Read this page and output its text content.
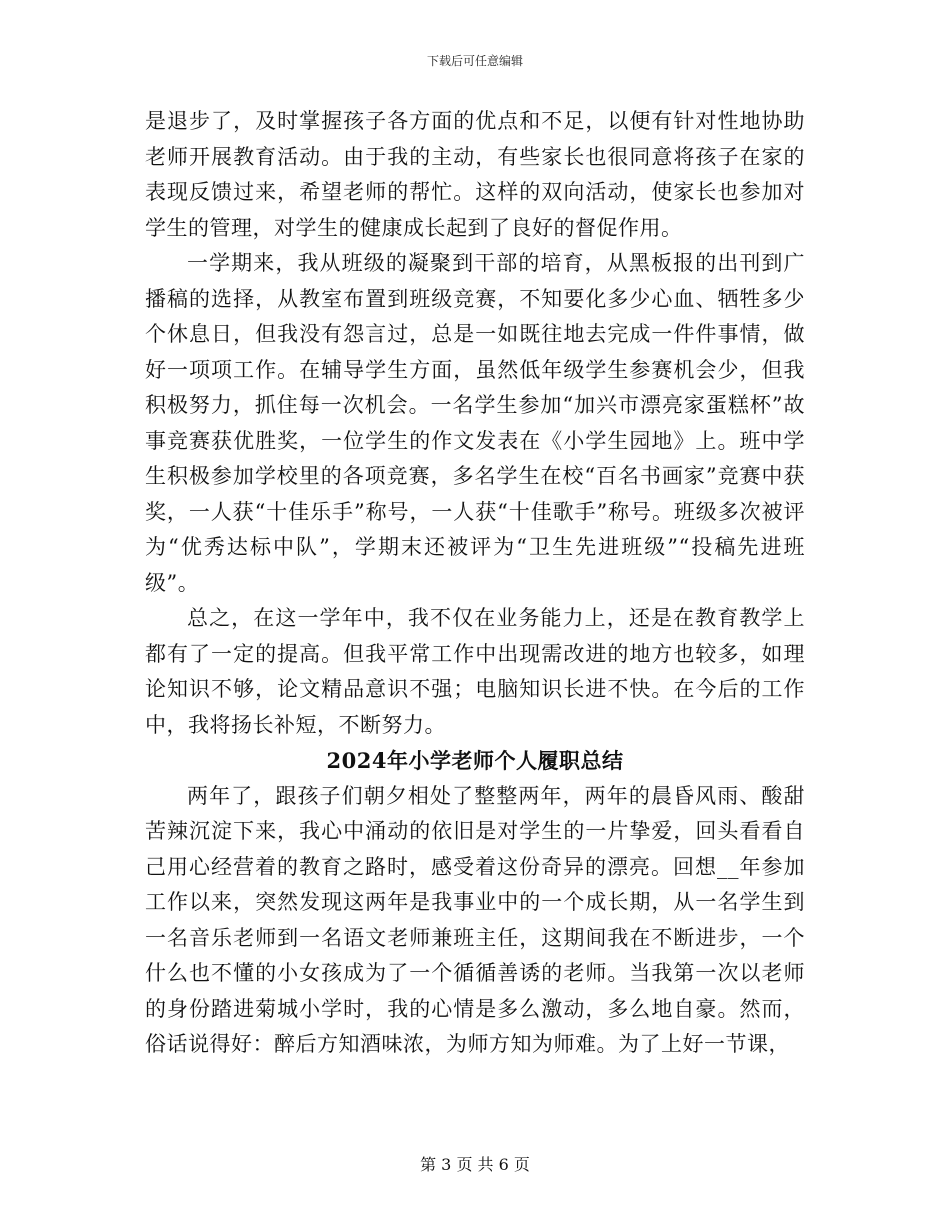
下载后可任意编辑

是退步了，及时掌握孩子各方面的优点和不足，以便有针对性地协助老师开展教育活动。由于我的主动，有些家长也很同意将孩子在家的表现反馈过来，希望老师的帮忙。这样的双向活动，使家长也参加对学生的管理，对学生的健康成长起到了良好的督促作用。

一学期来，我从班级的凝聚到干部的培育，从黑板报的出刊到广播稿的选择，从教室布置到班级竞赛，不知要化多少心血、牺牲多少个休息日，但我没有怨言过，总是一如既往地去完成一件件事情，做好一项项工作。在辅导学生方面，虽然低年级学生参赛机会少，但我积极努力，抓住每一次机会。一名学生参加“加兴市漂亮家蛋糕杯”故事竞赛获优胜奖，一位学生的作文发表在《小学生园地》上。班中学生积极参加学校里的各项竞赛，多名学生在校“百名书画家”竞赛中获奖，一人获“十佳乐手”称号，一人获“十佳歌手”称号。班级多次被评为“优秀达标中队”，学期末还被评为“卫生先进班级”“投稿先进班级”。

总之，在这一学年中，我不仅在业务能力上，还是在教育教学上都有了一定的提高。但我平常工作中出现需改进的地方也较多，如理论知识不够，论文精品意识不强；电脑知识长进不快。在今后的工作中，我将扬长补短，不断努力。

2024年小学老师个人履职总结

两年了，跟孩子们朝夕相处了整整两年，两年的晨昏风雨、酸甜苦辣沉淀下来，我心中涌动的依旧是对学生的一片挚爱，回头看看自己用心经营着的教育之路时，感受着这份奇异的漂亮。回想__年参加工作以来，突然发现这两年是我事业中的一个成长期，从一名学生到一名音乐老师到一名语文老师兼班主任，这期间我在不断进步，一个什么也不懂的小女孩成为了一个循循善诱的老师。当我第一次以老师的身份踏进菊城小学时，我的心情是多么激动，多么地自豪。然而，俗话说得好：醉后方知酒味浓，为师方知为师难。为了上好一节课，

第 3 页 共 6 页
